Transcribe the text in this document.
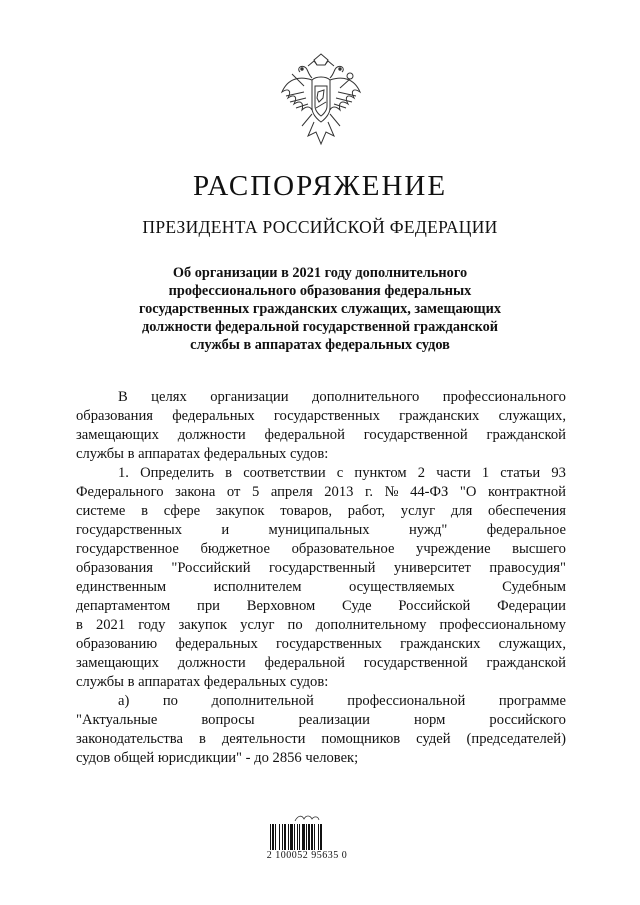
РАСПОРЯЖЕНИЕ
ПРЕЗИДЕНТА РОССИЙСКОЙ ФЕДЕРАЦИИ
Об организации в 2021 году дополнительного
профессионального образования федеральных
государственных гражданских служащих, замещающих
должности федеральной государственной гражданской
службы в аппаратах федеральных судов
В целях организации дополнительного профессионального
образования федеральных государственных гражданских служащих,
замещающих должности федеральной государственной гражданской
службы в аппаратах федеральных судов:
1. Определить в соответствии с пунктом 2 части 1 статьи 93
Федерального закона от 5 апреля 2013 г. № 44-ФЗ "О контрактной
системе в сфере закупок товаров, работ, услуг для обеспечения
государственных	и	муниципальных	нужд"	федеральное
государственное бюджетное образовательное учреждение высшего
образования "Российский государственный университет правосудия"
единственным	исполнителем	осуществляемых	Судебным
департаментом при Верховном Суде Российской Федерации
в 2021 году закупок услуг по дополнительному профессиональному
образованию федеральных государственных гражданских служащих,
замещающих должности федеральной государственной гражданской
службы в аппаратах федеральных судов:
а) по дополнительной профессиональной программе
"Актуальные	вопросы	реализации	норм	российского
законодательства в деятельности помощников судей (председателей)
судов общей юрисдикции" - до 2856 человек;
2 100052 95635 0
